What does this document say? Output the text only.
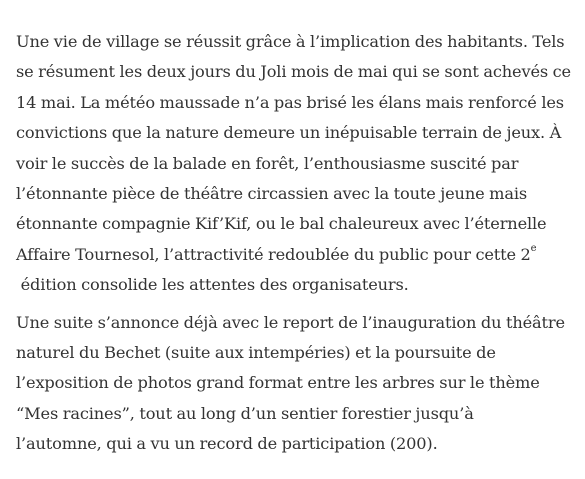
Une vie de village se réussit grâce à l’implication des habitants. Tels
se résument les deux jours du Joli mois de mai qui se sont achevés ce
14 mai. La météo maussade n’a pas brisé les élans mais renforcé les
convictions que la nature demeure un inépuisable terrain de jeux. À
voir le succès de la balade en forêt, l’enthousiasme suscité par
l’étonnante pièce de théâtre circassien avec la toute jeune mais
étonnante compagnie Kif’Kif, ou le bal chaleureux avec l’éternelle
Affaire Tournesol, l’attractivité redoublée du public pour cette 2e
édition consolide les attentes des organisateurs.

Une suite s’annonce déjà avec le report de l’inauguration du théâtre
naturel du Bechet (suite aux intempéries) et la poursuite de
l’exposition de photos grand format entre les arbres sur le thème
“Mes racines”, tout au long d’un sentier forestier jusqu’à
l’automne, qui a vu un record de participation (200).
